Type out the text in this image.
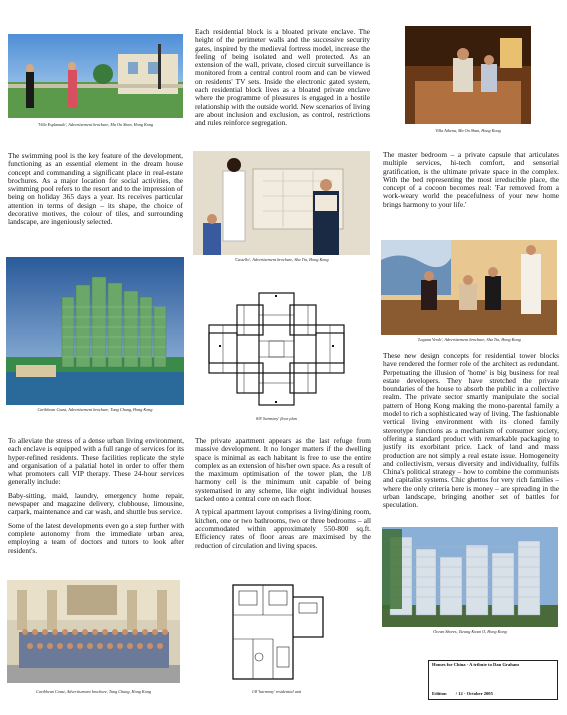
'Villa Esplanade', Advertisement brochure, Ma On Shan, Hong Kong
Each residential block is a bloated private enclave. The height of the perimeter walls and the successive security gates, inspired by the medieval fortress model, increase the feeling of being isolated and well protected. As an extension of the wall, private, closed circuit surveillance is monitored from a central control room and can be viewed on residents' TV sets. Inside the electronic gated system, each residential block lives as a bloated private enclave where the programme of pleasures is engaged in a hostile relationship with the outside world. New scenarios of living are about inclusion and exclusion, as control, restrictions and rules reinforce segregation.
Villa Athena, Ma On Shan, Hong Kong
The swimming pool is the key feature of the development, functioning as an essential element in the dream house concept and commanding a significant place in real-estate brochures. As a major location for social activities, the swimming pool refers to the resort and to the impression of being on holiday 365 days a year. Its receives particular attention in terms of design – its shape, the choice of decorative motives, the colour of tiles, and surrounding landscape, are ingeniously selected.
'Castello', Advertisement brochure, Sha Tin, Hong Kong
The master bedroom – a private capsule that articulates multiple services, hi-tech comfort, and sensorial gratification, is the ultimate private space in the complex. With the bed representing the most irreducible place, the concept of a cocoon becomes real: 'Far removed from a work-weary world the peacefulness of your new home brings harmony to your life.'
Caribbean Coast, Advertisement brochure, Tung Chung, Hong Kong
8/8 'harmony' floor plan
'Laguna Verde', Advertisement brochure, Sha Tin, Hong Kong
These new design concepts for residential tower blocks have rendered the former role of the architect as redundant. Perpetuating the illusion of 'home' is big business for real estate developers. They have stretched the private boundaries of the house to absorb the public in a collective realm. The private sector smartly manipulate the social pattern of Hong Kong making the mono-parental family a model to rich a sophisticated way of living. The fashionable vertical living environment with its cloned family stereotype functions as a mechanism of consumer society, offering a standard product with remarkable packaging to justify its exorbitant price. Lack of land and mass production are not simply a real estate issue. Homogeneity and collectivism, versus diversity and individuality, fulfils China's political strategy – how to combine the communists and capitalist systems. Chic ghettos for very rich families – where the only criteria here is money – are spreading in the urban landscape, bringing another set of battles for speculation.

To alleviate the stress of a dense urban living environment, each enclave is equipped with a full range of services for its hyper-refined residents. These facilities replicate the style and organisation of a palatial hotel in order to offer them what promoters call VIP therapy. These 24-hour services generally include:

Baby-sitting, maid, laundry, emergency home repair, newspaper and magazine delivery, clubhouse, limousine, carpark, maintenance and car wash, and shuttle bus service.

Some of the latest developments even go a step further with complete autonomy from the immediate urban area, employing a team of doctors and tutors to look after resident's.

The private apartment appears as the last refuge from massive development. It no longer matters if the dwelling space is minimal as each habitant is free to use the entire complex as an extension of his/her own space. As a result of the maximum optimisation of the tower plan, the 1/8 harmony cell is the minimum unit capable of being systematised in any scheme, like eight individual houses tacked onto a central core on each floor.

A typical apartment layout comprises a living/dining room, kitchen, one or two bathrooms, two or three bedrooms – all accommodated within approximately 550-800 sq.ft. Efficiency rates of floor areas are maximised by the reduction of circulation and living spaces.

Ocean Shores, Tseung Kwan O, Hong Kong
Caribbean Coast, Advertisement brochure, Tung Chung, Hong Kong	1/8 'harmony' residential unit
Homes for China - A tribute to Dan Graham
Edition / 12 - October 2005
